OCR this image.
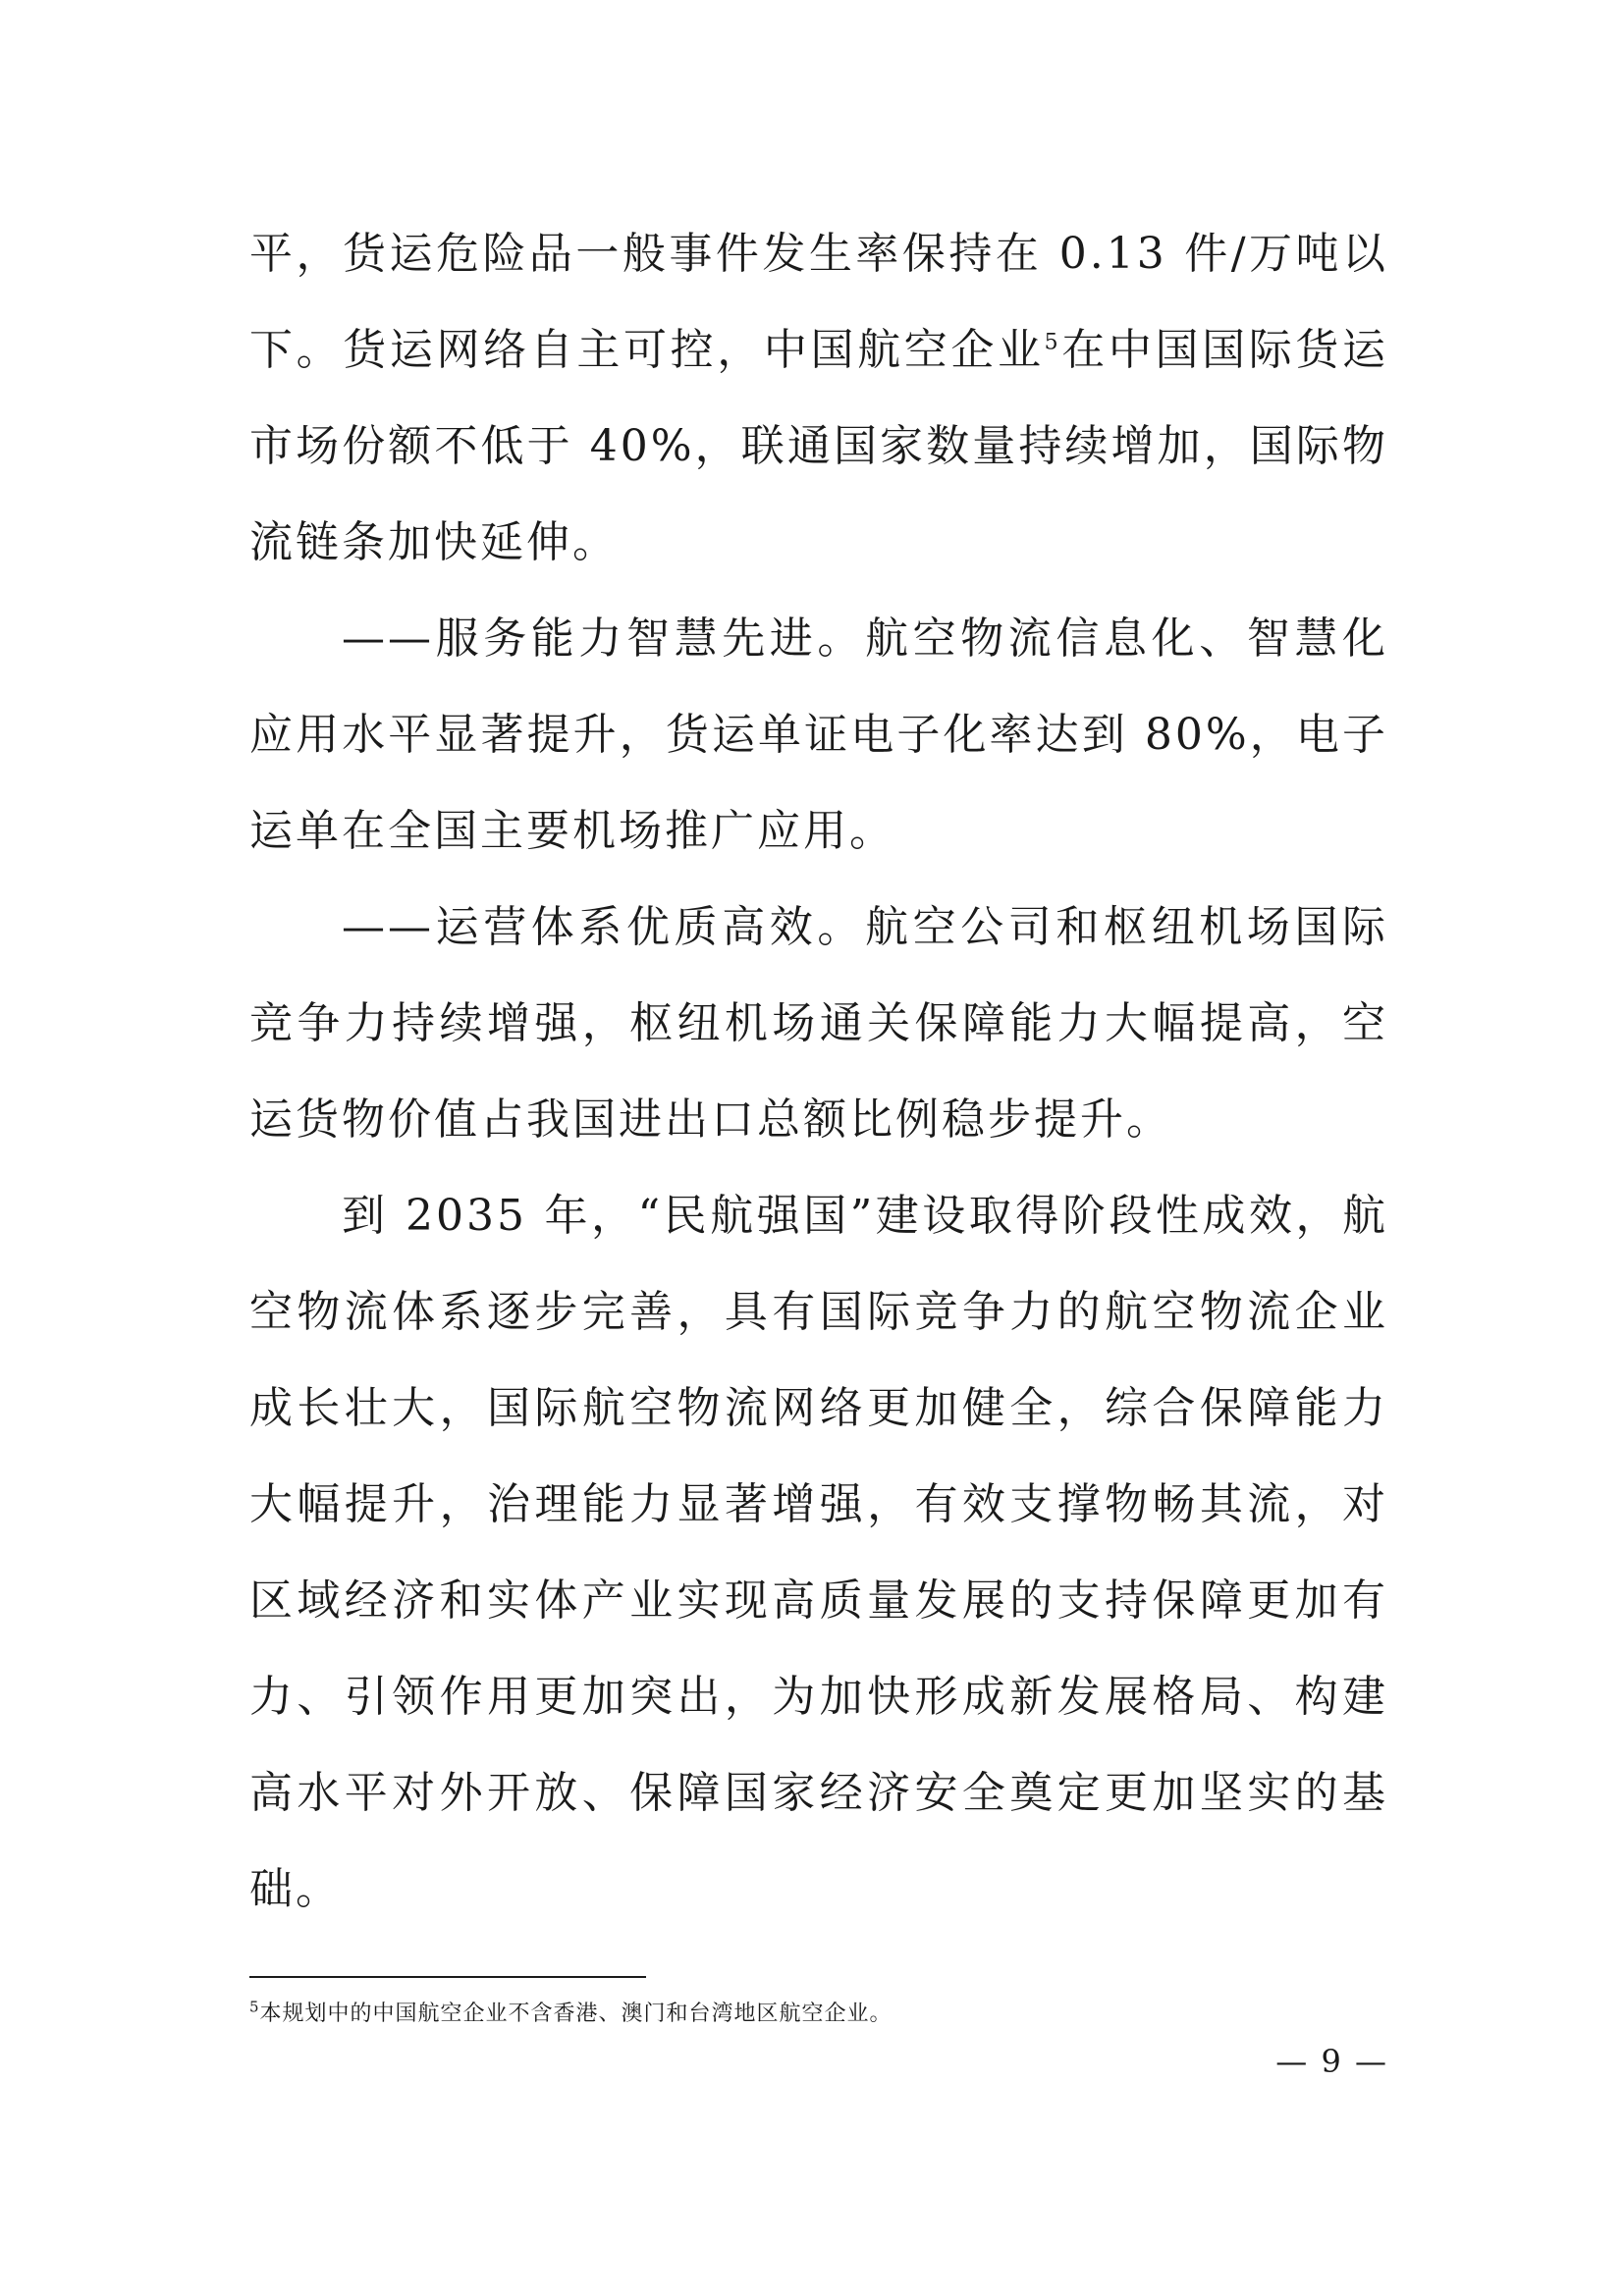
平，货运危险品一般事件发生率保持在 0.13 件/万吨以下。货运网络自主可控，中国航空企业$^5$在中国国际货运市场份额不低于 40%，联通国家数量持续增加，国际物流链条加快延伸。

——服务能力智慧先进。航空物流信息化、智慧化应用水平显著提升，货运单证电子化率达到 80%，电子运单在全国主要机场推广应用。

——运营体系优质高效。航空公司和枢纽机场国际竞争力持续增强，枢纽机场通关保障能力大幅提高，空运货物价值占我国进出口总额比例稳步提升。

到 2035 年，“民航强国”建设取得阶段性成效，航空物流体系逐步完善，具有国际竞争力的航空物流企业成长壮大，国际航空物流网络更加健全，综合保障能力大幅提升，治理能力显著增强，有效支撑物畅其流，对区域经济和实体产业实现高质量发展的支持保障更加有力、引领作用更加突出，为加快形成新发展格局、构建高水平对外开放、保障国家经济安全奠定更加坚实的基础。

$^5$本规划中的中国航空企业不含香港、澳门和台湾地区航空企业。
— 9 —
